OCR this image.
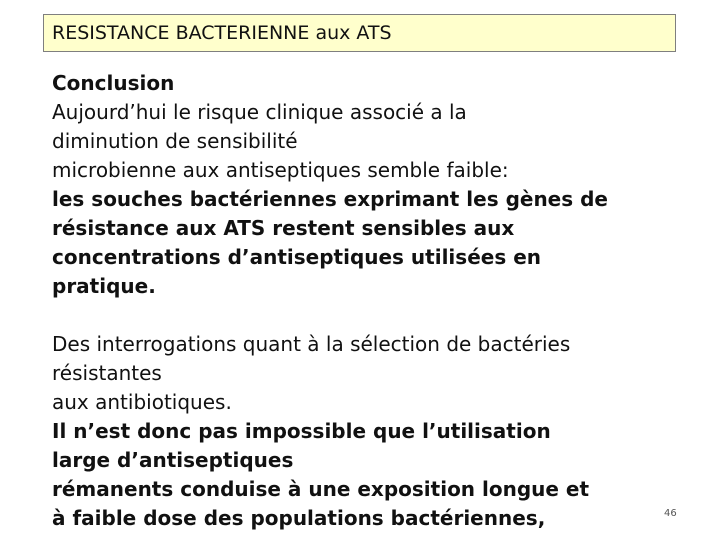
RESISTANCE BACTERIENNE aux ATS
Conclusion
Aujourd’hui le risque clinique associé a la
diminution de sensibilité
microbienne aux antiseptiques semble faible:
les souches bactériennes exprimant les gènes de
résistance aux ATS restent sensibles aux
concentrations d’antiseptiques utilisées en
pratique.
Des interrogations quant à la sélection de bactéries
résistantes
aux antibiotiques.
Il n’est donc pas impossible que l’utilisation
large d’antiseptiques
rémanents conduise à une exposition longue et
à faible dose des populations bactériennes,	46
